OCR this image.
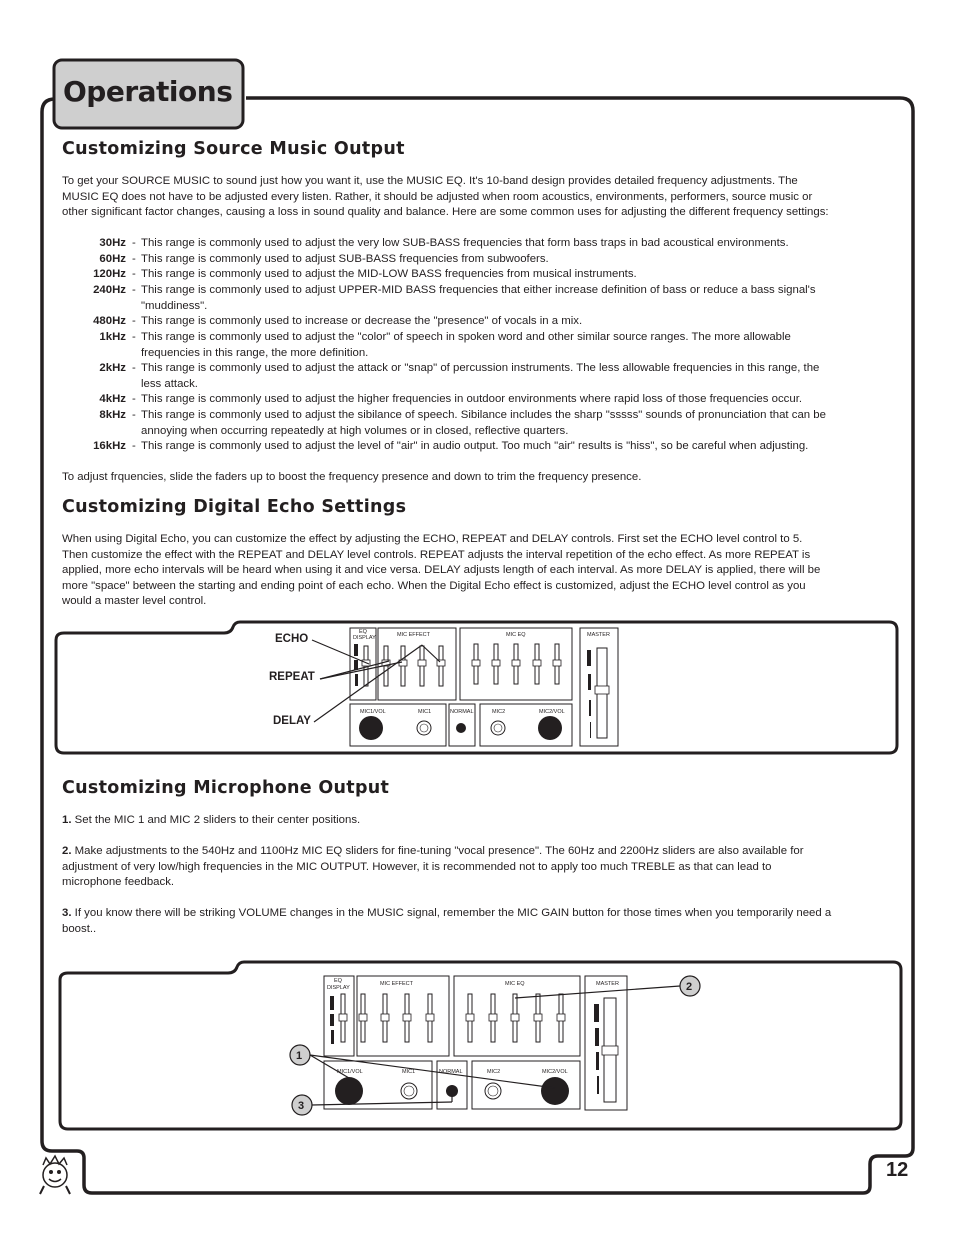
Operations
Customizing Source Music Output
To get your SOURCE MUSIC to sound just how you want it, use the MUSIC EQ. It's 10-band design provides detailed frequency adjustments. The
MUSIC EQ does not have to be adjusted every listen. Rather, it should be adjusted when room acoustics, environments, performers, source music or
other significant factor changes, causing a loss in sound quality and balance. Here are some common uses for adjusting the different frequency settings:
30Hz - This range is commonly used to adjust the very low SUB-BASS frequencies that form bass traps in bad acoustical environments.
60Hz - This range is commonly used to adjust SUB-BASS frequencies from subwoofers.
120Hz - This range is commonly used to adjust the MID-LOW BASS frequencies from musical instruments.
240Hz - This range is commonly used to adjust UPPER-MID BASS frequencies that either increase definition of bass or reduce a bass signal's
"muddiness".
480Hz - This range is commonly used to increase or decrease the "presence" of vocals in a mix.
1kHz - This range is commonly used to adjust the "color" of speech in spoken word and other similar source ranges. The more allowable
frequencies in this range, the more definition.
2kHz - This range is commonly used to adjust the attack or "snap" of percussion instruments. The less allowable frequencies in this range, the
less attack.
4kHz - This range is commonly used to adjust the higher frequencies in outdoor environments where rapid loss of those frequencies occur.
8kHz - This range is commonly used to adjust the sibilance of speech. Sibilance includes the sharp "sssss" sounds of pronunciation that can be
annoying when occurring repeatedly at high volumes or in closed, reflective quarters.
16kHz - This range is commonly used to adjust the level of "air" in audio output. Too much "air" results is "hiss", so be careful when adjusting.
To adjust frquencies, slide the faders up to boost the frequency presence and down to trim the frequency presence.
Customizing Digital Echo Settings
When using Digital Echo, you can customize the effect by adjusting the ECHO, REPEAT and DELAY controls. First set the ECHO level control to 5.
Then customize the effect with the REPEAT and DELAY level controls. REPEAT adjusts the interval repetition of the echo effect. As more REPEAT is
applied, more echo intervals will be heard when using it and vice versa. DELAY adjusts length of each interval. As more DELAY is applied, there will be
more "space" between the starting and ending point of each echo. When the Digital Echo effect is customized, adjust the ECHO level control as you
would a master level control.
ECHO
REPEAT
DELAY
EQ
DISPLAY	MIC EFFECT	MIC EQ	MASTER
MIC1/VOL	MIC1	NORMAL	MIC2	MIC2/VOL
Customizing Microphone Output
1. Set the MIC 1 and MIC 2 sliders to their center positions.
2. Make adjustments to the 540Hz and 1100Hz MIC EQ sliders for fine-tuning "vocal presence". The 60Hz and 2200Hz sliders are also available for
adjustment of very low/high frequencies in the MIC OUTPUT. However, it is recommended not to apply too much TREBLE as that can lead to
microphone feedback.
3. If you know there will be striking VOLUME changes in the MUSIC signal, remember the MIC GAIN button for those times when you temporarily need a
boost..
1
2
3
EQ
DISPLAY
MIC EFFECT	MIC EQ	MASTER
MIC1/VOL	MIC1	NORMAL	MIC2	MIC2/VOL
12
